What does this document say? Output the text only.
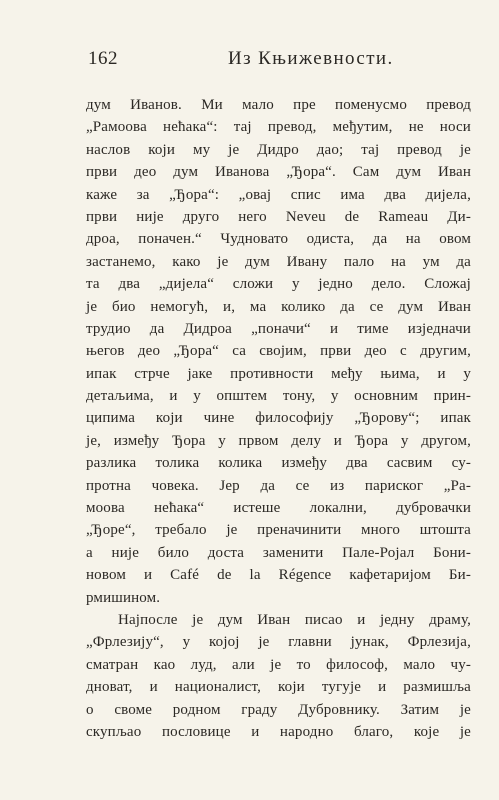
162	Из Књижевности.
дум Иванов. Ми мало пре поменусмо превод
„Рамоова нећака“: тај превод, међутим, не носи
наслов који му је Дидро дао; тај превод је
први део дум Иванова „Ђора“. Сам дум Иван
каже за „Ђора“: „овај спис има два дијела,
први није друго него Neveu de Rameau Ди-
дроа, поначен.“ Чудновато одиста, да на овом
застанемо, како је дум Ивану пало на ум да
та два „дијела“ сложи у једно дело. Сложај
је био немогућ, и, ма колико да се дум Иван
трудио да Дидроа „поначи“ и тиме изједначи
његов део „Ђора“ са својим, први део с другим,
ипак стрче јаке противности међу њима, и у
детаљима, и у општем тону, у основним прин-
ципима који чине философију „Ђорову“; ипак
је, између Ђора у првом делу и Ђора у другом,
разлика толика колика између два сасвим су-
протна човека. Јер да се из париског „Ра-
моова нећака“ истеше локални, дубровачки
„Ђоре“, требало је преначинити много штошта
а није било доста заменити Пале-Ројал Бони-
новом и Café de la Régence кафетаријом Би-
рмишином.
Најпосле је дум Иван писао и једну драму,
„Фрлезију“, у којој је главни јунак, Фрлезија,
сматран као луд, али је то философ, мало чу-
дноват, и националист, који тугује и размишља
о своме родном граду Дубровнику. Затим је
скупљао пословице и народно благо, које је
